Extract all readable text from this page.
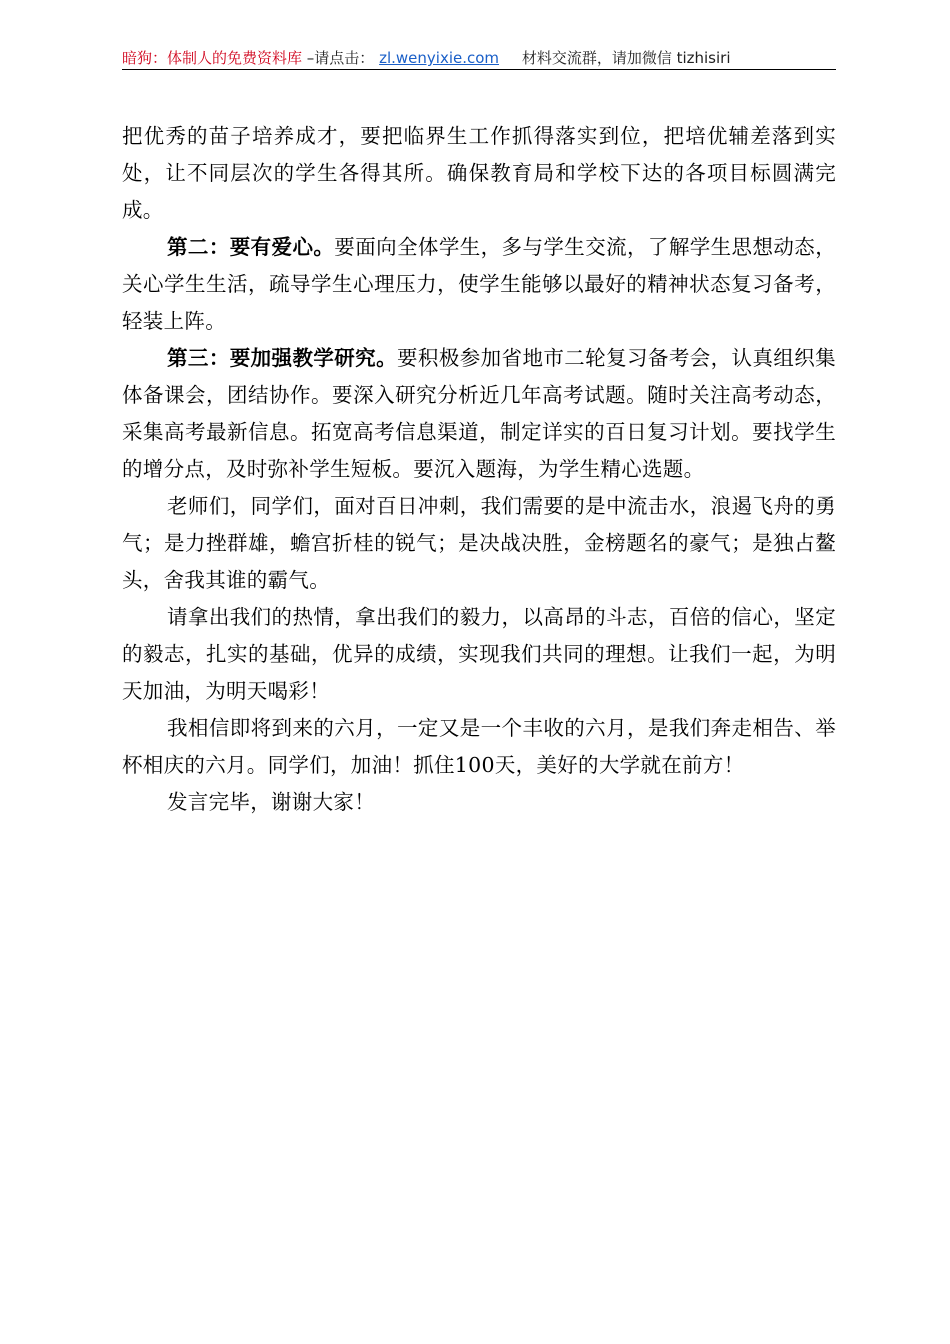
暗狗：体制人的免费资料库 –请点击： zl.wenyixie.com 材料交流群，请加微信 tizhisiri

把优秀的苗子培养成才，要把临界生工作抓得落实到位，把培优辅差落到实处，让不同层次的学生各得其所。确保教育局和学校下达的各项目标圆满完成。

第二：要有爱心。要面向全体学生，多与学生交流，了解学生思想动态，关心学生生活，疏导学生心理压力，使学生能够以最好的精神状态复习备考，轻装上阵。

第三：要加强教学研究。要积极参加省地市二轮复习备考会，认真组织集体备课会，团结协作。要深入研究分析近几年高考试题。随时关注高考动态，采集高考最新信息。拓宽高考信息渠道，制定详实的百日复习计划。要找学生的增分点，及时弥补学生短板。要沉入题海，为学生精心选题。

老师们，同学们，面对百日冲刺，我们需要的是中流击水，浪遏飞舟的勇气；是力挫群雄，蟾宫折桂的锐气；是决战决胜，金榜题名的豪气；是独占鳌头，舍我其谁的霸气。

请拿出我们的热情，拿出我们的毅力，以高昂的斗志，百倍的信心，坚定的毅志，扎实的基础，优异的成绩，实现我们共同的理想。让我们一起，为明天加油，为明天喝彩！

我相信即将到来的六月，一定又是一个丰收的六月，是我们奔走相告、举杯相庆的六月。同学们，加油！抓住100天，美好的大学就在前方！

发言完毕，谢谢大家！
